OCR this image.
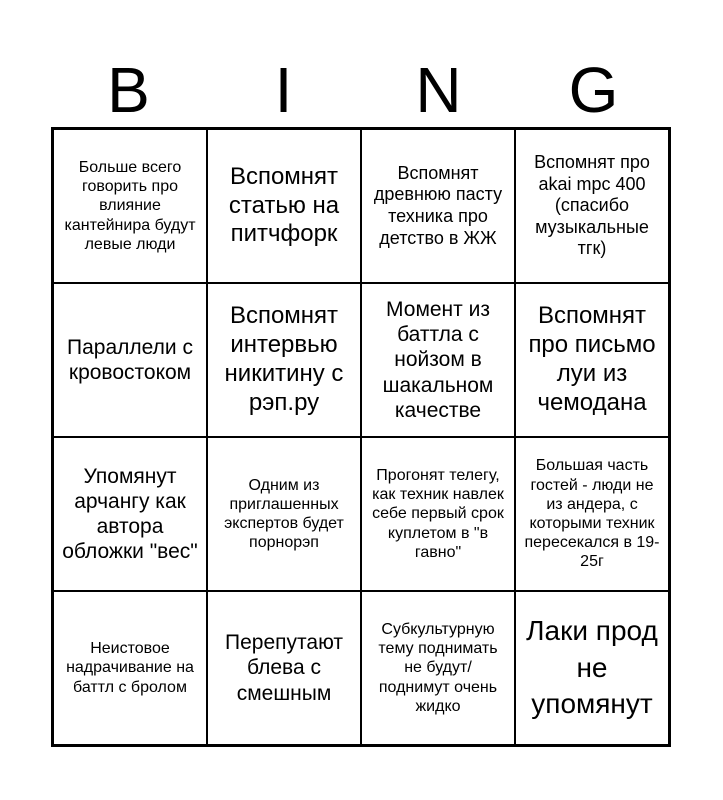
B	I	N	G
Больше всего говорить про влияние кантейнира будут левые люди
Вспомнят статью на питчфорк
Вспомнят древнюю пасту техника про детство в ЖЖ
Вспомнят про akai mpc 400 (спасибо музыкальные тгк)
Параллели с кровостоком
Вспомнят интервью никитину с рэп.ру
Момент из баттла с нойзом в шакальном качестве
Вспомнят про письмо луи из чемодана
Упомянут арчангу как автора обложки "вес"
Одним из приглашенных экспертов будет порнорэп
Прогонят телегу, как техник навлек себе первый срок куплетом в "в гавно"
Большая часть гостей - люди не из андера, с которыми техник пересекался в 19-25г
Неистовое надрачивание на баттл с бролом
Перепутают блева с смешным
Субкультурную тему поднимать не будут/ поднимут очень жидко
Лаки прод не упомянут
